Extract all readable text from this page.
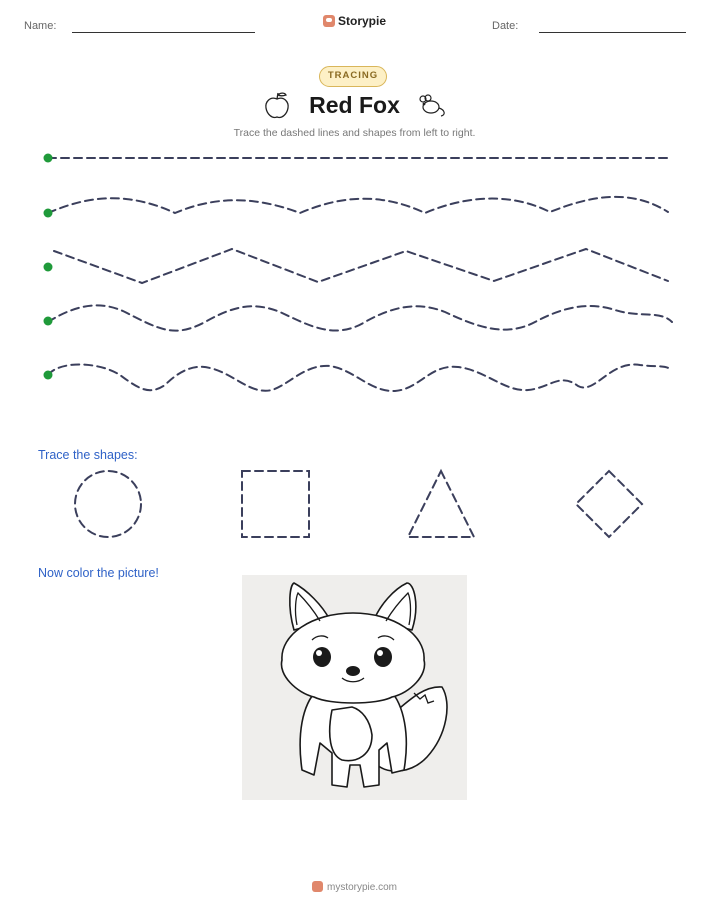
Name:	Storypie	Date:
TRACING
Red Fox
Trace the dashed lines and shapes from left to right.
Trace the shapes:
Now color the picture!
mystorypie.com
